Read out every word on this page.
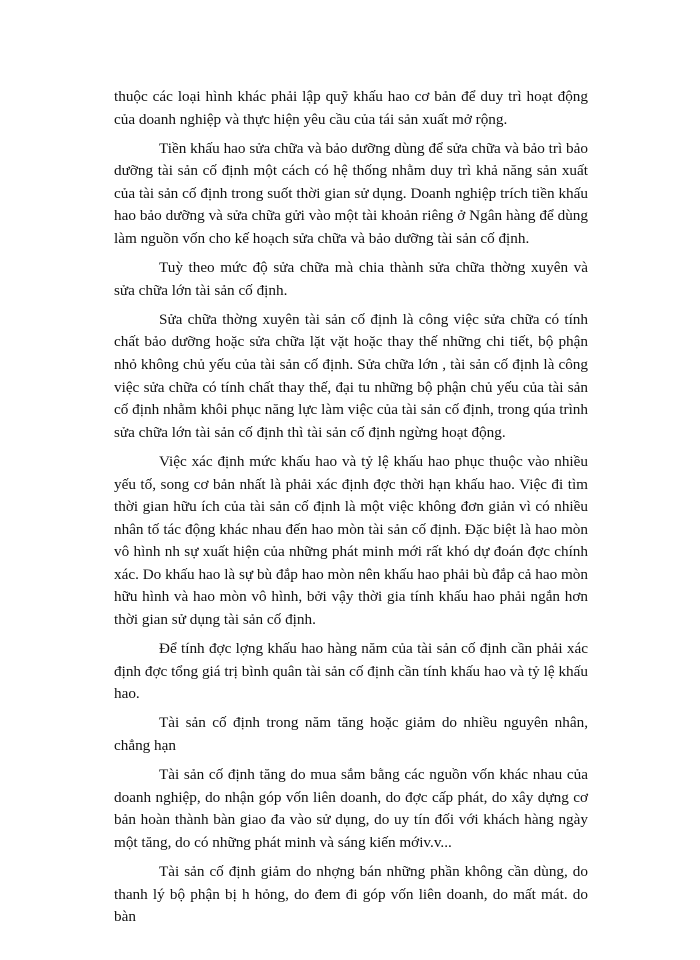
thuộc các loại hình khác phải lập quỹ khấu hao cơ bản để duy trì hoạt động của doanh nghiệp và thực hiện yêu cầu của tái sản xuất mở rộng.

Tiền khấu hao sửa chữa và bảo dưỡng dùng để sửa chữa và bảo trì bảo dưỡng tài sản cố định một cách có hệ thống nhằm duy trì khả năng sản xuất của tài sản cố định trong suốt thời gian sử dụng. Doanh nghiệp trích tiền khấu hao bảo dưỡng và sửa chữa gửi vào một tài khoản riêng ở Ngân hàng để dùng làm nguồn vốn cho kế hoạch sửa chữa và bảo dưỡng tài sản cố định.

Tuỳ theo mức độ sửa chữa mà chia thành sửa chữa thờng xuyên và sửa chữa lớn tài sản cố định.

Sửa chữa thờng xuyên tài sản cố định là công việc sửa chữa có tính chất bảo dưỡng hoặc sửa chữa lặt vặt hoặc thay thế những chi tiết, bộ phận nhỏ không chủ yếu của tài sản cố định. Sửa chữa lớn , tài sản cố định là công việc sửa chữa có tính chất thay thế, đại tu những bộ phận chủ yếu của tài sản cố định nhằm khôi phục năng lực làm việc của tài sản cố định, trong qúa trình sửa chữa lớn tài sản cố định thì tài sản cố định ngừng hoạt động.

Việc xác định mức khấu hao và tỷ lệ khấu hao phục thuộc vào nhiều yếu tố, song cơ bản nhất là phải xác định đợc thời hạn khấu hao. Việc đi tìm thời gian hữu ích của tài sản cố định là một việc không đơn giản vì có nhiều nhân tố tác động khác nhau đến hao mòn tài sản cố định. Đặc biệt là hao mòn vô hình nh sự xuất hiện của những phát minh mới rất khó dự đoán đợc chính xác. Do khấu hao là sự bù đắp hao mòn nên khấu hao phải bù đắp cả hao mòn hữu hình và hao mòn vô hình, bởi vậy thời gia tính khấu hao phải ngắn hơn thời gian sử dụng tài sản cố định.

Để tính đợc lợng khấu hao hàng năm của tài sản cố định cần phải xác định đợc tổng giá trị bình quân tài sản cố định cần tính khấu hao và tỷ lệ khấu hao.

Tài sản cố định trong năm tăng hoặc giảm do nhiều nguyên nhân, chẳng hạn

Tài sản cố định tăng do mua sắm bằng các nguồn vốn khác nhau của doanh nghiệp, do nhận góp vốn liên doanh, do đợc cấp phát, do xây dựng cơ bản hoàn thành bàn giao đa vào sử dụng, do uy tín đối với khách hàng ngày một tăng, do có những phát minh và sáng kiến mớiv.v...

Tài sản cố định giảm do nhợng bán những phần không cần dùng, do thanh lý bộ phận bị h hỏng, do đem đi góp vốn liên doanh, do mất mát. do bàn
